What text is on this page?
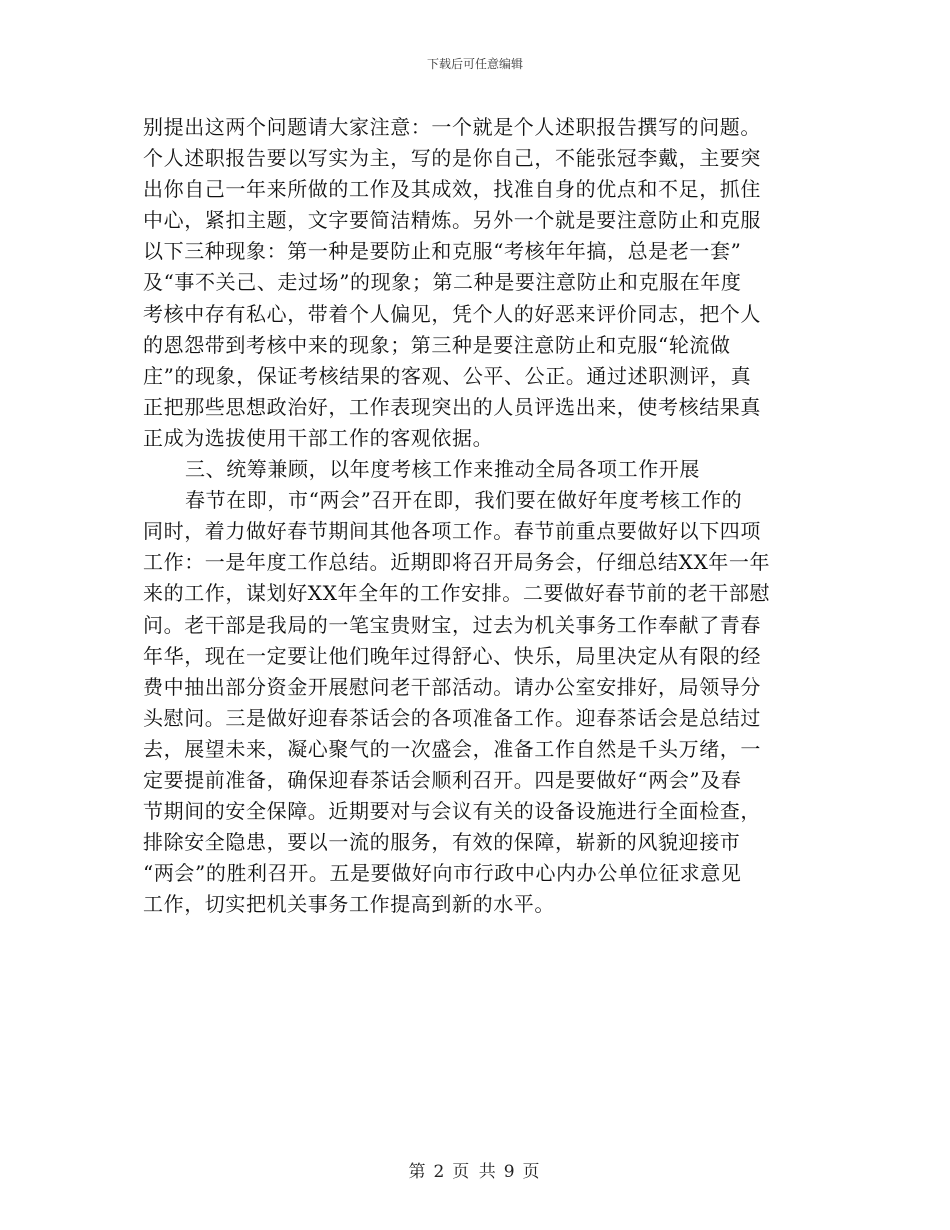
下载后可任意编辑
别提出这两个问题请大家注意：一个就是个人述职报告撰写的问题。
个人述职报告要以写实为主，写的是你自己，不能张冠李戴，主要突
出你自己一年来所做的工作及其成效，找准自身的优点和不足，抓住
中心，紧扣主题，文字要简洁精炼。另外一个就是要注意防止和克服
以下三种现象：第一种是要防止和克服“考核年年搞，总是老一套”
及“事不关己、走过场”的现象；第二种是要注意防止和克服在年度
考核中存有私心，带着个人偏见，凭个人的好恶来评价同志，把个人
的恩怨带到考核中来的现象；第三种是要注意防止和克服“轮流做
庄”的现象，保证考核结果的客观、公平、公正。通过述职测评，真
正把那些思想政治好，工作表现突出的人员评选出来，使考核结果真
正成为选拔使用干部工作的客观依据。
三、统筹兼顾，以年度考核工作来推动全局各项工作开展
春节在即，市“两会”召开在即，我们要在做好年度考核工作的
同时，着力做好春节期间其他各项工作。春节前重点要做好以下四项
工作：一是年度工作总结。近期即将召开局务会，仔细总结XX年一年
来的工作，谋划好XX年全年的工作安排。二要做好春节前的老干部慰
问。老干部是我局的一笔宝贵财宝，过去为机关事务工作奉献了青春
年华，现在一定要让他们晚年过得舒心、快乐，局里决定从有限的经
费中抽出部分资金开展慰问老干部活动。请办公室安排好，局领导分
头慰问。三是做好迎春茶话会的各项准备工作。迎春茶话会是总结过
去，展望未来，凝心聚气的一次盛会，准备工作自然是千头万绪，一
定要提前准备，确保迎春茶话会顺利召开。四是要做好“两会”及春
节期间的安全保障。近期要对与会议有关的设备设施进行全面检查，
排除安全隐患，要以一流的服务，有效的保障，崭新的风貌迎接市
“两会”的胜利召开。五是要做好向市行政中心内办公单位征求意见
工作，切实把机关事务工作提高到新的水平。
第 2 页 共 9 页
